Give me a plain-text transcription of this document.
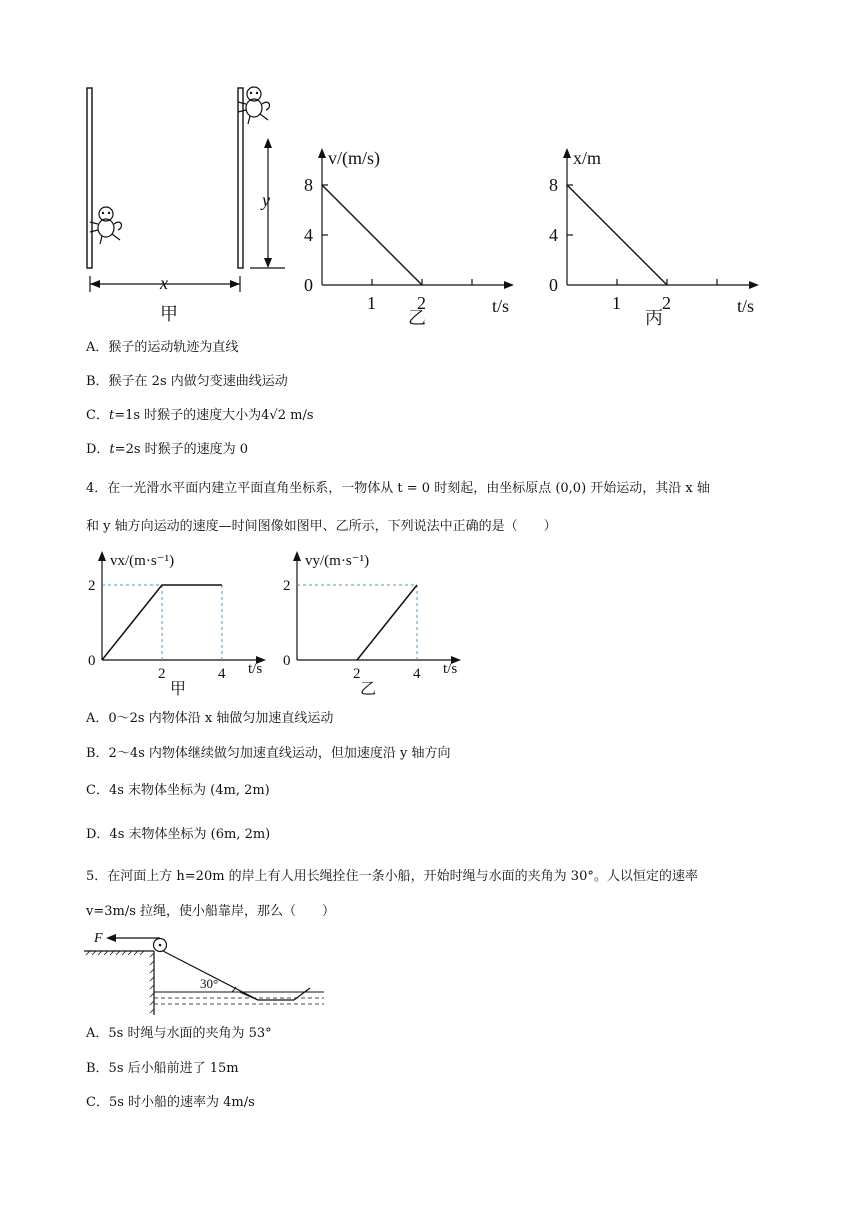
y
x
甲
v/(m/s)
t/s
8
4
0
1 2
乙
x/m
t/s
8
4
0
1 2
丙
A．猴子的运动轨迹为直线
B．猴子在 2s 内做匀变速曲线运动
C．t=1s 时猴子的速度大小为4√2 m/s
D．t=2s 时猴子的速度为 0
4．在一光滑水平面内建立平面直角坐标系，一物体从 t = 0 时刻起，由坐标原点 (0,0) 开始运动，其沿 x 轴
和 y 轴方向运动的速度—时间图像如图甲、乙所示，下列说法中正确的是（　　）
vx/(m·s⁻¹)
t/s
2
0
2	4
甲
vy/(m·s⁻¹)
t/s
2
0
2	4
乙
A．0～2s 内物体沿 x 轴做匀加速直线运动
B．2～4s 内物体继续做匀加速直线运动，但加速度沿 y 轴方向
C．4s 末物体坐标为 (4m, 2m)
D．4s 末物体坐标为 (6m, 2m)
5．在河面上方 h=20m 的岸上有人用长绳拴住一条小船，开始时绳与水面的夹角为 30°。人以恒定的速率
v=3m/s 拉绳，使小船靠岸，那么（　　）
F
30°
A．5s 时绳与水面的夹角为 53°
B．5s 后小船前进了 15m
C．5s 时小船的速率为 4m/s
